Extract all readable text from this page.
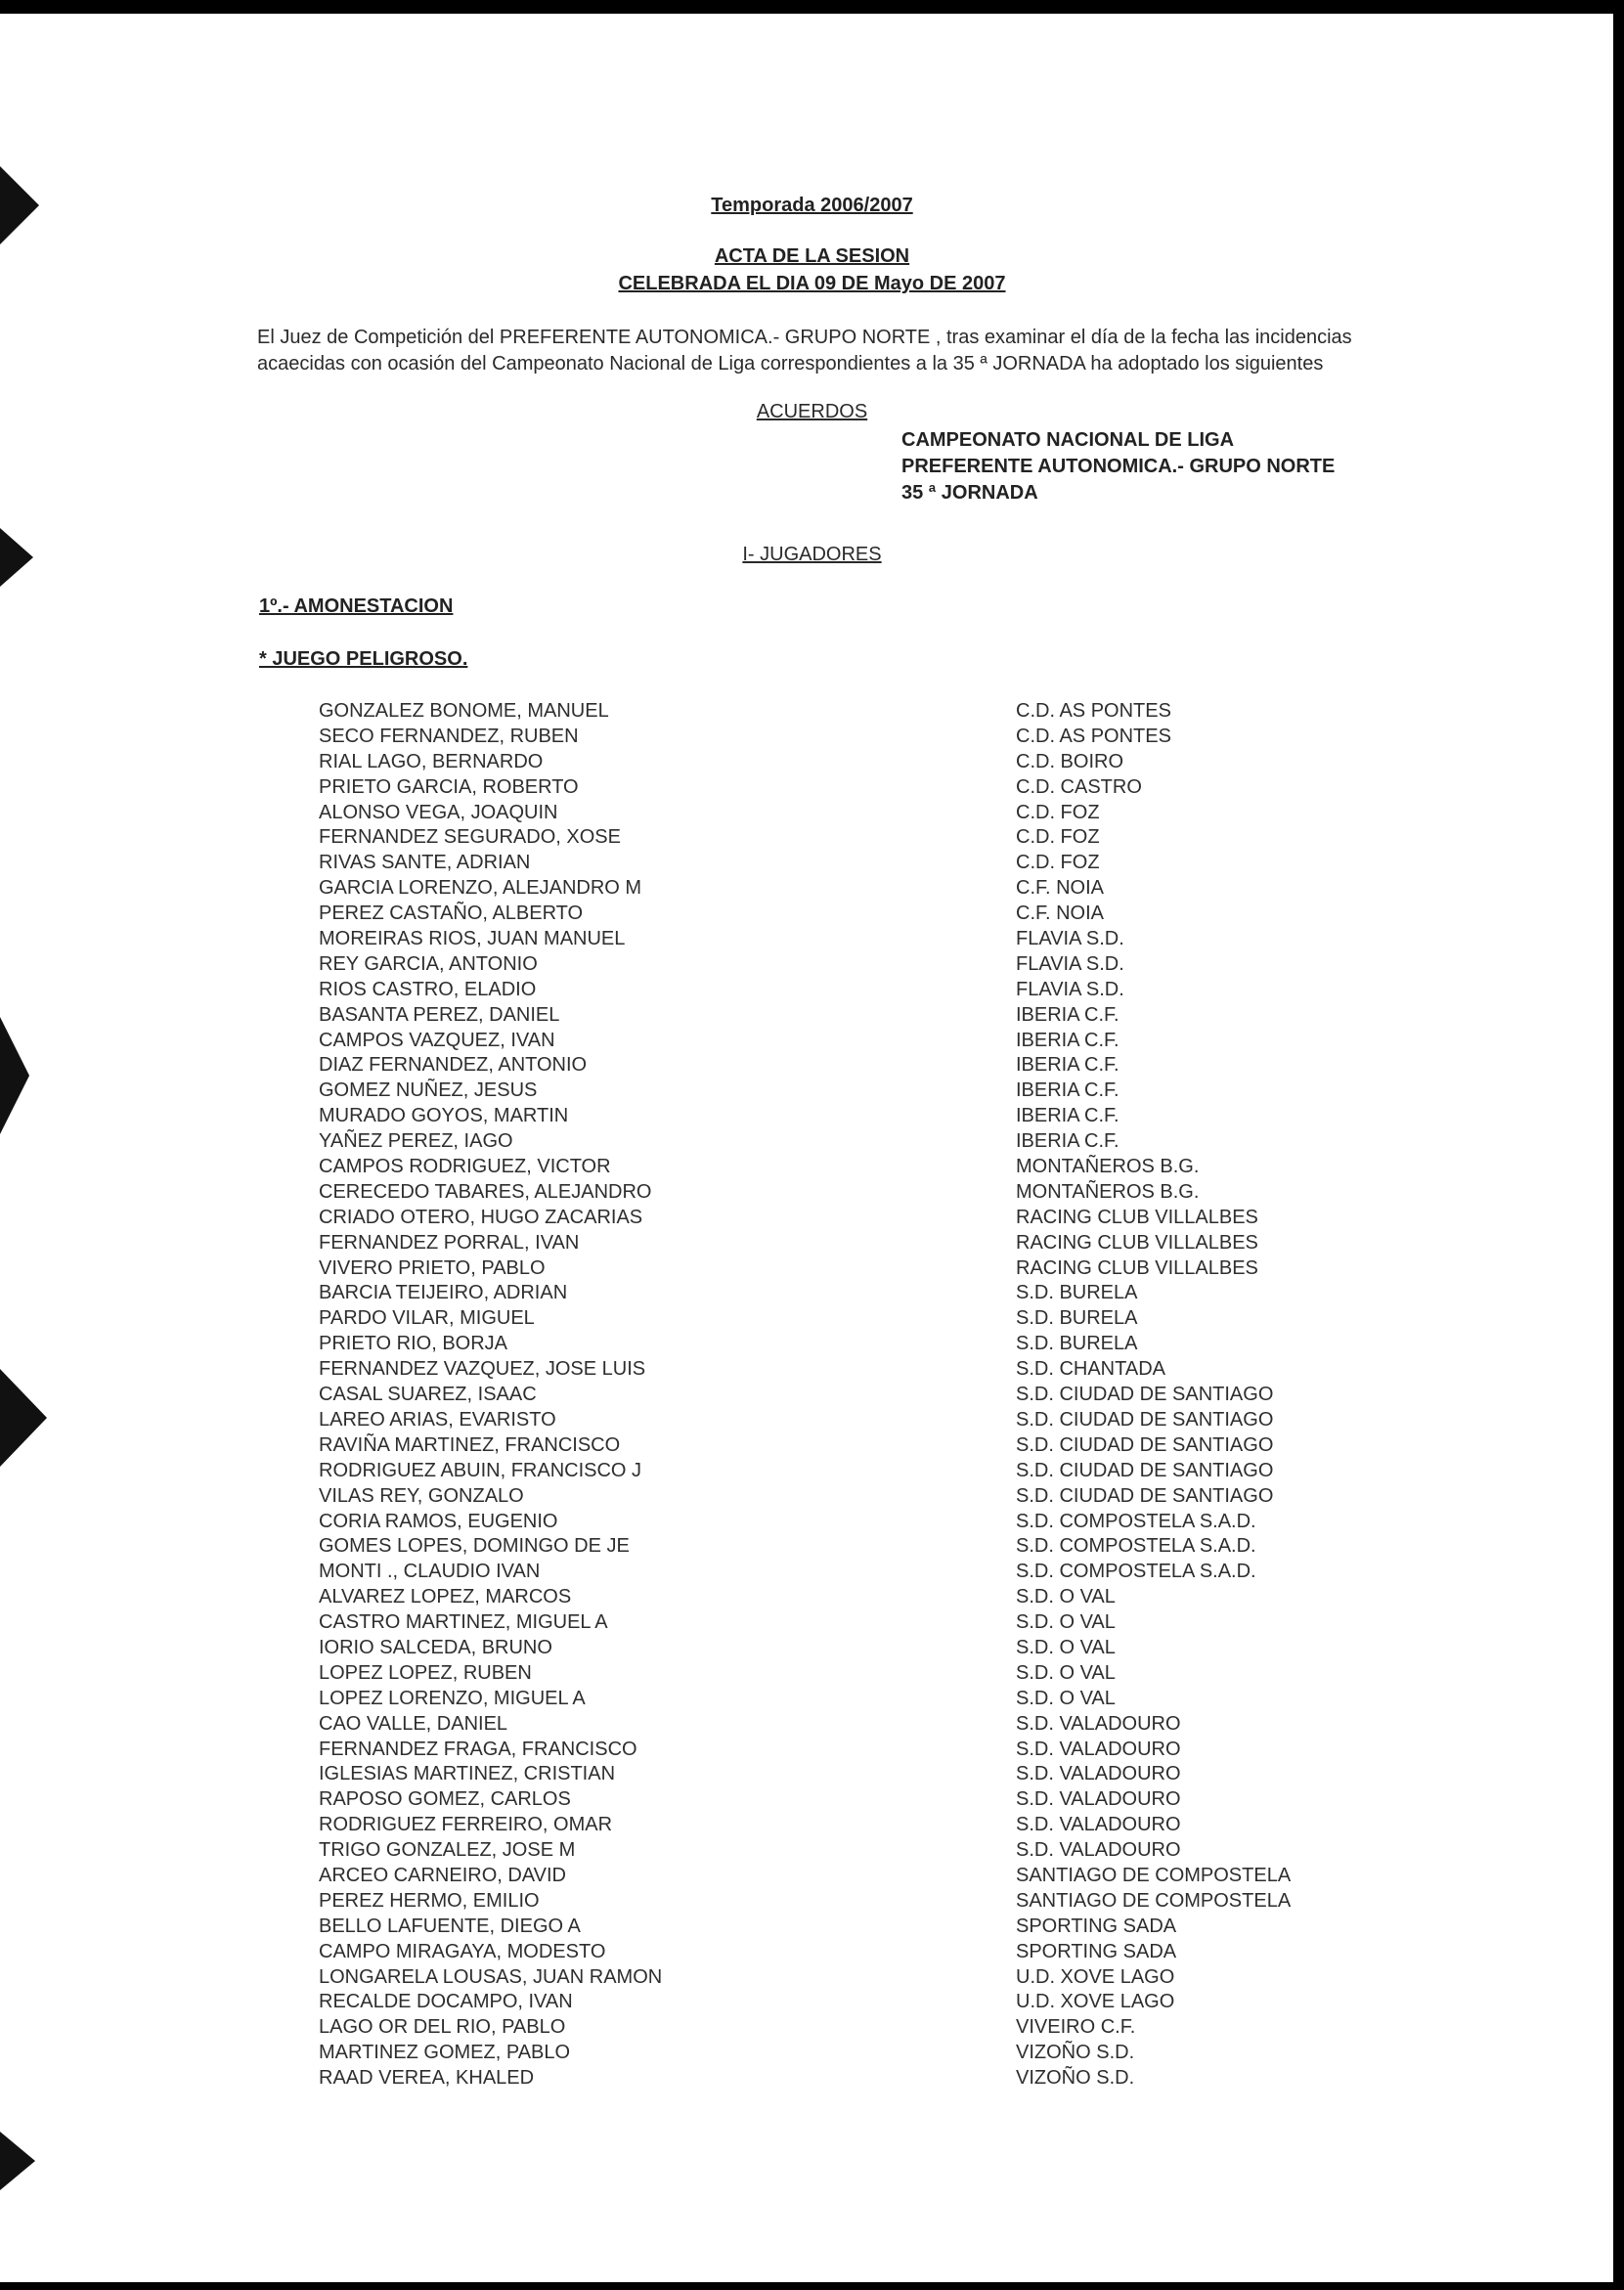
Temporada 2006/2007
ACTA DE LA SESION
CELEBRADA EL DIA 09 DE Mayo DE 2007
El Juez de Competición del PREFERENTE AUTONOMICA.- GRUPO NORTE , tras examinar el día de la fecha las incidencias
acaecidas con ocasión del Campeonato Nacional de Liga correspondientes a la 35 ª JORNADA ha adoptado los siguientes
ACUERDOS
CAMPEONATO NACIONAL DE LIGA
PREFERENTE AUTONOMICA.- GRUPO NORTE
35 ª JORNADA
I- JUGADORES
1º.- AMONESTACION
* JUEGO PELIGROSO.
GONZALEZ BONOME, MANUEL	C.D. AS PONTES
SECO FERNANDEZ, RUBEN	C.D. AS PONTES
RIAL LAGO, BERNARDO	C.D. BOIRO
PRIETO GARCIA, ROBERTO	C.D. CASTRO
ALONSO VEGA, JOAQUIN	C.D. FOZ
FERNANDEZ SEGURADO, XOSE	C.D. FOZ
RIVAS SANTE, ADRIAN	C.D. FOZ
GARCIA LORENZO, ALEJANDRO M	C.F. NOIA
PEREZ CASTAÑO, ALBERTO	C.F. NOIA
MOREIRAS RIOS, JUAN MANUEL	FLAVIA S.D.
REY GARCIA, ANTONIO	FLAVIA S.D.
RIOS CASTRO, ELADIO	FLAVIA S.D.
BASANTA PEREZ, DANIEL	IBERIA C.F.
CAMPOS VAZQUEZ, IVAN	IBERIA C.F.
DIAZ FERNANDEZ, ANTONIO	IBERIA C.F.
GOMEZ NUÑEZ, JESUS	IBERIA C.F.
MURADO GOYOS, MARTIN	IBERIA C.F.
YAÑEZ PEREZ, IAGO	IBERIA C.F.
CAMPOS RODRIGUEZ, VICTOR	MONTAÑEROS B.G.
CERECEDO TABARES, ALEJANDRO	MONTAÑEROS B.G.
CRIADO OTERO, HUGO ZACARIAS	RACING CLUB VILLALBES
FERNANDEZ PORRAL, IVAN	RACING CLUB VILLALBES
VIVERO PRIETO, PABLO	RACING CLUB VILLALBES
BARCIA TEIJEIRO, ADRIAN	S.D. BURELA
PARDO VILAR, MIGUEL	S.D. BURELA
PRIETO RIO, BORJA	S.D. BURELA
FERNANDEZ VAZQUEZ, JOSE LUIS	S.D. CHANTADA
CASAL SUAREZ, ISAAC	S.D. CIUDAD DE SANTIAGO
LAREO ARIAS, EVARISTO	S.D. CIUDAD DE SANTIAGO
RAVIÑA MARTINEZ, FRANCISCO	S.D. CIUDAD DE SANTIAGO
RODRIGUEZ ABUIN, FRANCISCO J	S.D. CIUDAD DE SANTIAGO
VILAS REY, GONZALO	S.D. CIUDAD DE SANTIAGO
CORIA RAMOS, EUGENIO	S.D. COMPOSTELA S.A.D.
GOMES LOPES, DOMINGO DE JE	S.D. COMPOSTELA S.A.D.
MONTI ., CLAUDIO IVAN	S.D. COMPOSTELA S.A.D.
ALVAREZ LOPEZ, MARCOS	S.D. O VAL
CASTRO MARTINEZ, MIGUEL A	S.D. O VAL
IORIO SALCEDA, BRUNO	S.D. O VAL
LOPEZ LOPEZ, RUBEN	S.D. O VAL
LOPEZ LORENZO, MIGUEL A	S.D. O VAL
CAO VALLE, DANIEL	S.D. VALADOURO
FERNANDEZ FRAGA, FRANCISCO	S.D. VALADOURO
IGLESIAS MARTINEZ, CRISTIAN	S.D. VALADOURO
RAPOSO GOMEZ, CARLOS	S.D. VALADOURO
RODRIGUEZ FERREIRO, OMAR	S.D. VALADOURO
TRIGO GONZALEZ, JOSE M	S.D. VALADOURO
ARCEO CARNEIRO, DAVID	SANTIAGO DE COMPOSTELA
PEREZ HERMO, EMILIO	SANTIAGO DE COMPOSTELA
BELLO LAFUENTE, DIEGO A	SPORTING SADA
CAMPO MIRAGAYA, MODESTO	SPORTING SADA
LONGARELA LOUSAS, JUAN RAMON	U.D. XOVE LAGO
RECALDE DOCAMPO, IVAN	U.D. XOVE LAGO
LAGO OR DEL RIO, PABLO	VIVEIRO C.F.
MARTINEZ GOMEZ, PABLO	VIZOÑO S.D.
RAAD VEREA, KHALED	VIZOÑO S.D.
